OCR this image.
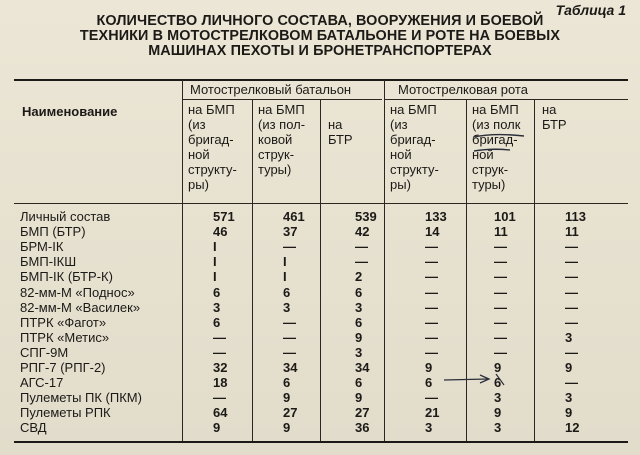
Таблица 1
КОЛИЧЕСТВО ЛИЧНОГО СОСТАВА, ВООРУЖЕНИЯ И БОЕВОЙ
ТЕХНИКИ В МОТОСТРЕЛКОВОМ БАТАЛЬОНЕ И РОТЕ НА БОЕВЫХ
МАШИНАХ ПЕХОТЫ И БРОНЕТРАНСПОРТЕРАХ
Наименование
Мотострелковый батальон	Мотострелковая рота
на БМП
(из
бригад-
ной
структу-
ры)
на БМП
(из пол-
ковой
струк-
туры)
на
БТР
на БМП
(из
бригад-
ной
структу-
ры)
на БМП
(из полк
бригад-
ной
струк-
туры)
на
БТР
Личный состав	571	461	539	133	101	113
БМП (БТР)	46	37	42	14	11	11
БРМ-IК	I	—	—	—	—	—
БМП-IКШ	I	I	—	—	—	—
БМП-IК (БТР-К)	I	I	2	—	—	—
82-мм-М «Поднос»	6	6	6	—	—	—
82-мм-М «Василек»	3	3	3	—	—	—
ПТРК «Фагот»	6	—	6	—	—	—
ПТРК «Метис»	—	—	9	—	—	3
СПГ-9М	—	—	3	—	—	—
РПГ-7 (РПГ-2)	32	34	34	9	9	9
АГС-17	18	6	6	6	6	—
Пулеметы ПК (ПКМ)	—	9	9	—	3	3
Пулеметы РПК	64	27	27	21	9	9
СВД	9	9	36	3	3	12
